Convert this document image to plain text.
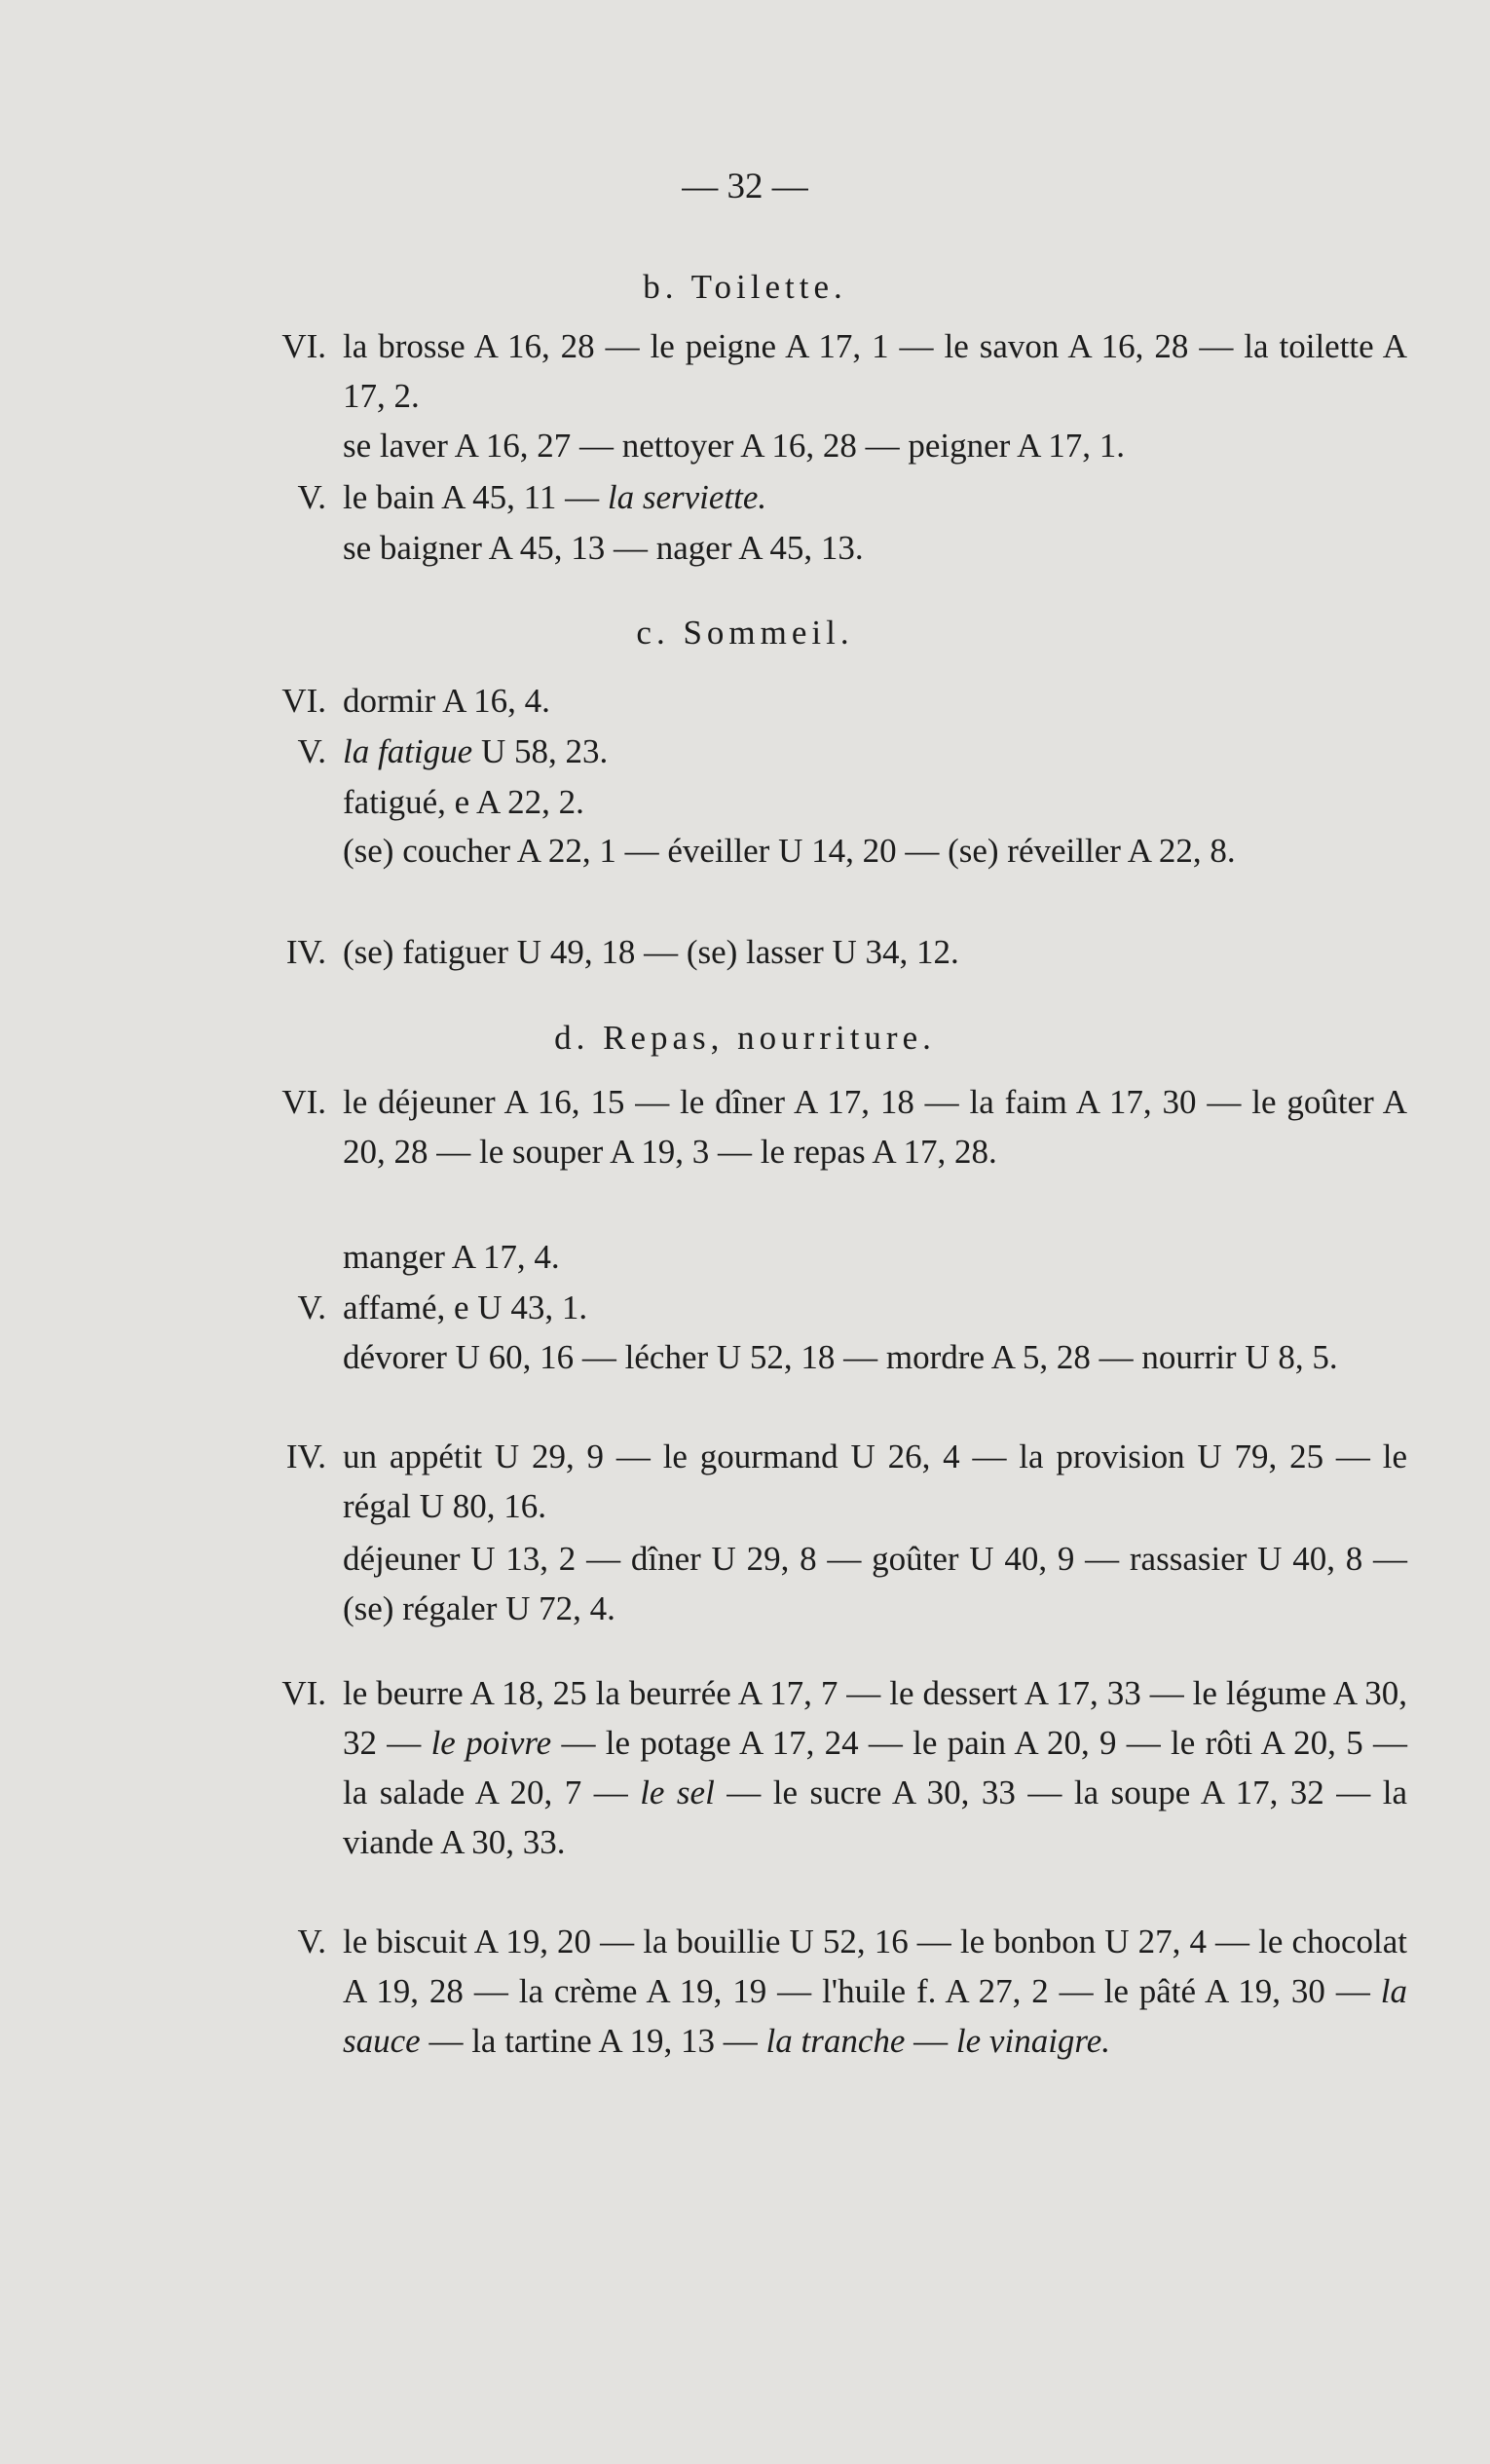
— 32 —
b. Toilette.
VI. la brosse A 16, 28 — le peigne A 17, 1 — le savon A 16, 28 — la toilette A 17, 2.
se laver A 16, 27 — nettoyer A 16, 28 — peigner A 17, 1.
V. le bain A 45, 11 — la serviette.
se baigner A 45, 13 — nager A 45, 13.
c. Sommeil.
VI. dormir A 16, 4.
V. la fatigue U 58, 23.
fatigué, e A 22, 2.
(se) coucher A 22, 1 — éveiller U 14, 20 — (se) réveiller A 22, 8.
IV. (se) fatiguer U 49, 18 — (se) lasser U 34, 12.
d. Repas, nourriture.
VI. le déjeuner A 16, 15 — le dîner A 17, 18 — la faim A 17, 30 — le goûter A 20, 28 — le souper A 19, 3 — le repas A 17, 28.
manger A 17, 4.
V. affamé, e U 43, 1.
dévorer U 60, 16 — lécher U 52, 18 — mordre A 5, 28 — nourrir U 8, 5.
IV. un appétit U 29, 9 — le gourmand U 26, 4 — la provision U 79, 25 — le régal U 80, 16.
déjeuner U 13, 2 — dîner U 29, 8 — goûter U 40, 9 — rassasier U 40, 8 — (se) régaler U 72, 4.
VI. le beurre A 18, 25 la beurrée A 17, 7 — le dessert A 17, 33 — le légume A 30, 32 — le poivre — le potage A 17, 24 — le pain A 20, 9 — le rôti A 20, 5 — la salade A 20, 7 — le sel — le sucre A 30, 33 — la soupe A 17, 32 — la viande A 30, 33.
V. le biscuit A 19, 20 — la bouillie U 52, 16 — le bonbon U 27, 4 — le chocolat A 19, 28 — la crème A 19, 19 — l'huile f. A 27, 2 — le pâté A 19, 30 — la sauce — la tartine A 19, 13 — la tranche — le vinaigre.
